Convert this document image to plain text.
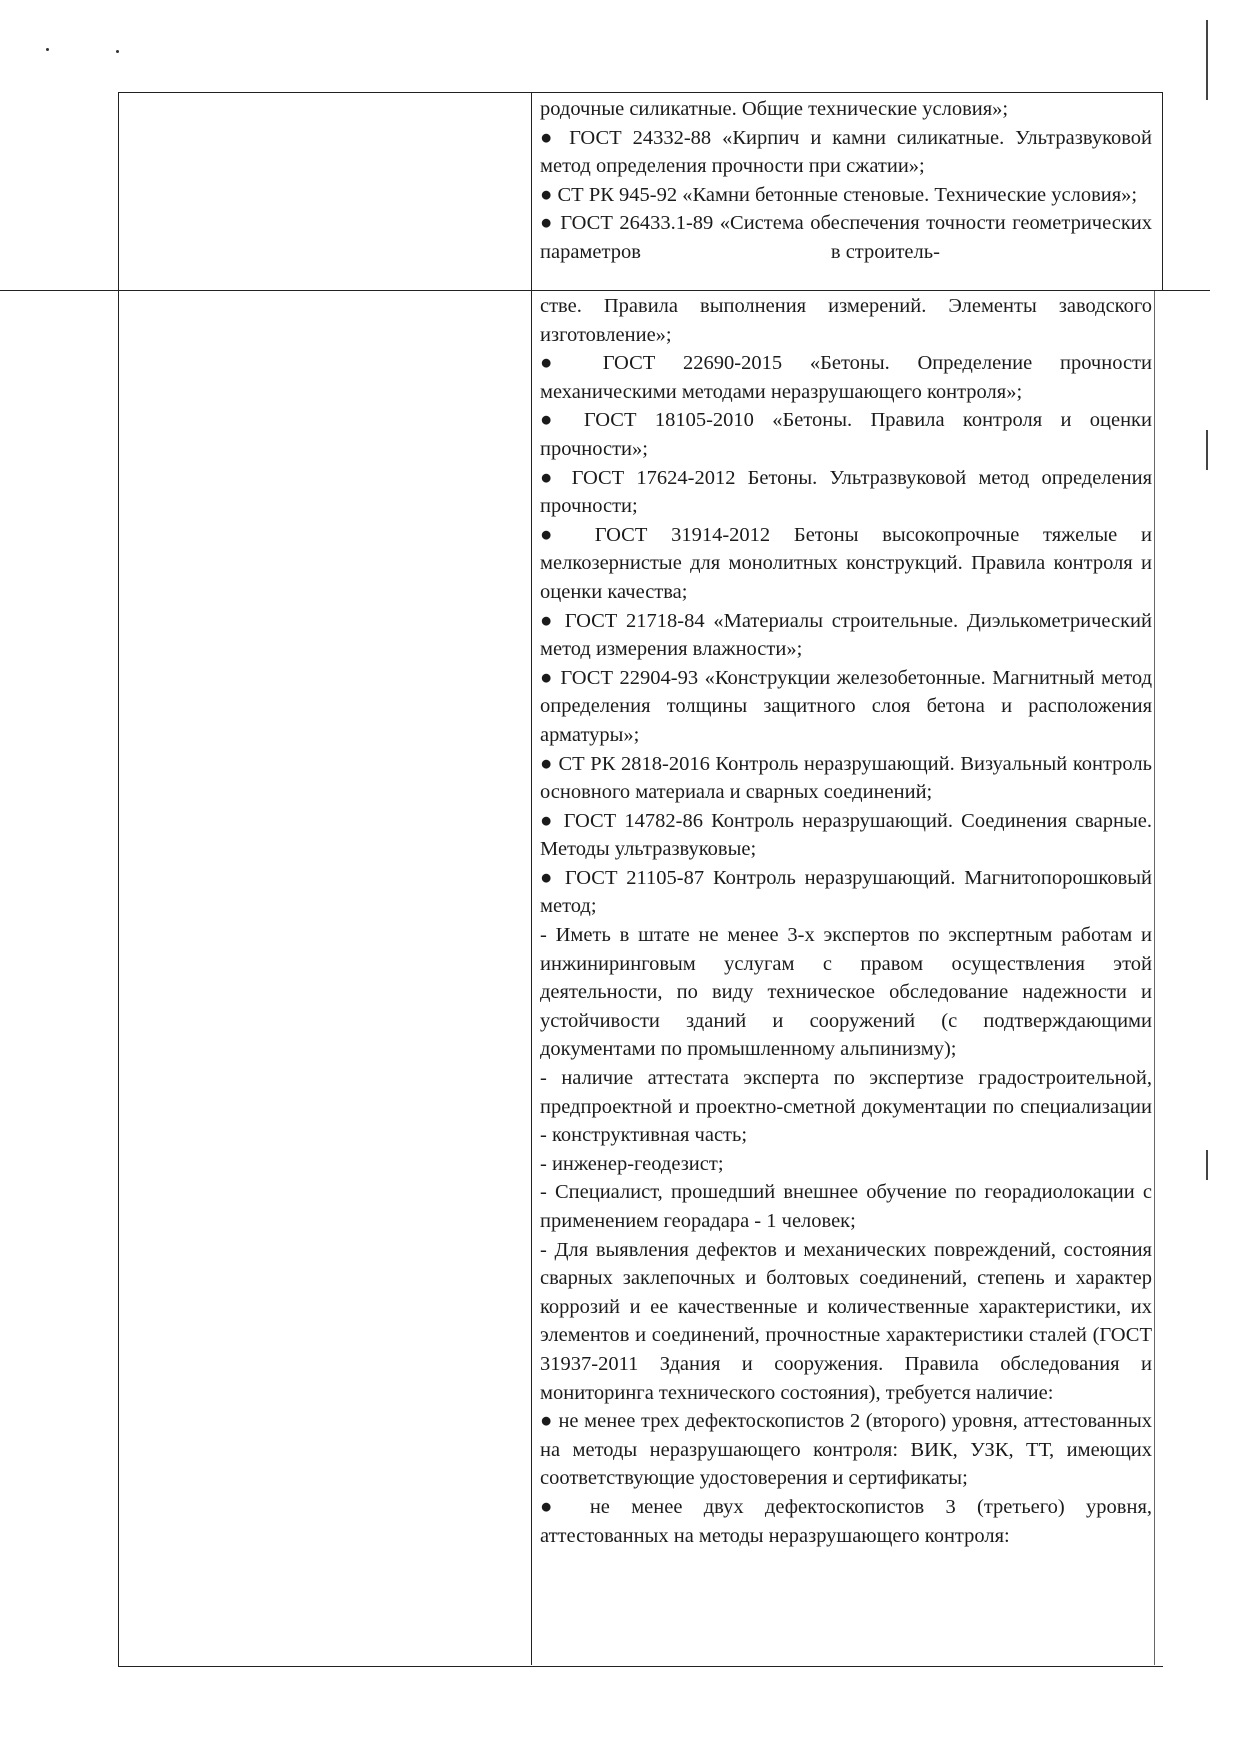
родочные силикатные. Общие технические условия»;

● ГОСТ 24332-88 «Кирпич и камни силикатные. Ультразвуковой метод определения прочности при сжатии»;

● СТ РК 945-92 «Камни бетонные стеновые. Технические условия»;

● ГОСТ 26433.1-89 «Система обеспечения точности геометрических параметров	в строитель-

стве. Правила выполнения измерений. Элементы заводского изготовление»;

● ГОСТ 22690-2015 «Бетоны. Определение прочности механическими методами неразрушающего контроля»;

● ГОСТ 18105-2010 «Бетоны. Правила контроля и оценки прочности»;

● ГОСТ 17624-2012 Бетоны. Ультразвуковой метод определения прочности;

● ГОСТ 31914-2012 Бетоны высокопрочные тяжелые и мелкозернистые для монолитных конструкций. Правила контроля и оценки качества;

● ГОСТ 21718-84 «Материалы строительные. Диэлькометрический метод измерения влажности»;

● ГОСТ 22904-93 «Конструкции железобетонные. Магнитный метод определения толщины защитного слоя бетона и расположения арматуры»;

● СТ РК 2818-2016 Контроль неразрушающий. Визуальный контроль основного материала и сварных соединений;

● ГОСТ 14782-86 Контроль неразрушающий. Соединения сварные. Методы ультразвуковые;

● ГОСТ 21105-87 Контроль неразрушающий. Магнитопорошковый метод;

- Иметь в штате не менее 3-х экспертов по экспертным работам и инжиниринговым услугам с правом осуществления этой деятельности, по виду техническое обследование надежности и устойчивости зданий и сооружений (с подтверждающими документами по промышленному альпинизму);

- наличие аттестата эксперта по экспертизе градостроительной, предпроектной и проектно-сметной документации по специализации - конструктивная часть;

- инженер-геодезист;

- Специалист, прошедший внешнее обучение по георадиолокации с применением георадара - 1 человек;

- Для выявления дефектов и механических повреждений, состояния сварных заклепочных и болтовых соединений, степень и характер коррозий и ее качественные и количественные характеристики, их элементов и соединений, прочностные характеристики сталей (ГОСТ 31937-2011 Здания и сооружения. Правила обследования и мониторинга технического состояния), требуется наличие:

● не менее трех дефектоскопистов 2 (второго) уровня, аттестованных на методы неразрушающего контроля: ВИК, УЗК, ТТ, имеющих соответствующие удостоверения и сертификаты;

● не менее двух дефектоскопистов 3 (третьего) уровня, аттестованных на методы неразрушающего контроля:
